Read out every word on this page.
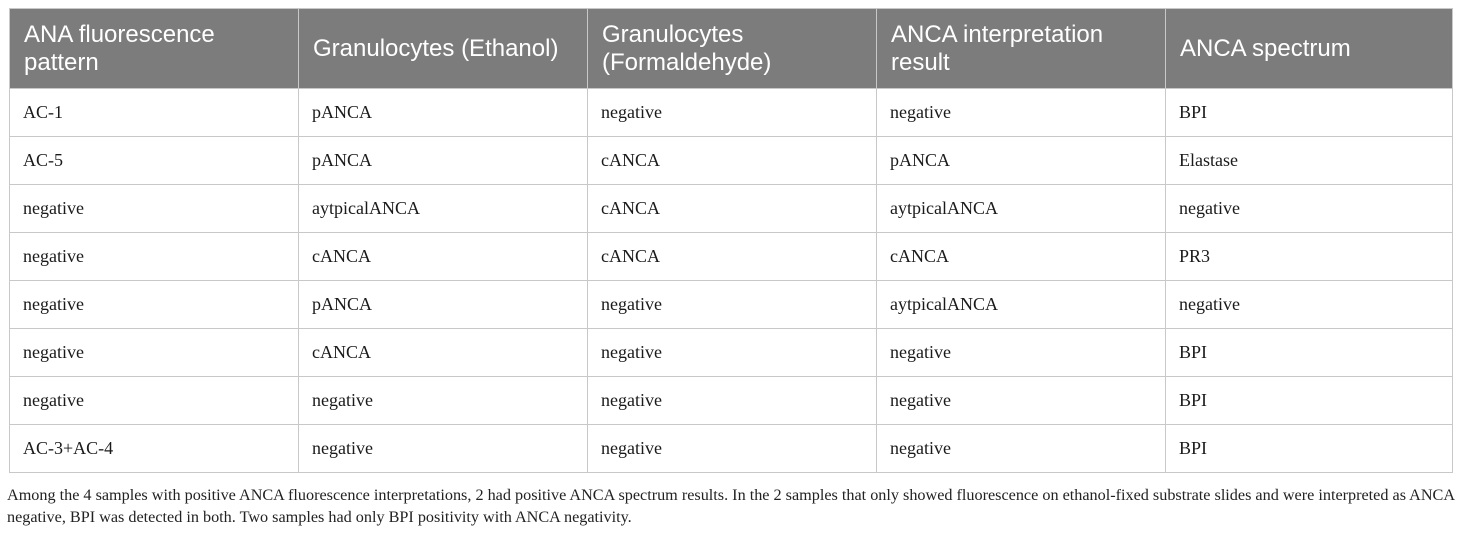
ANA fluorescence pattern	Granulocytes (Ethanol)	Granulocytes (Formaldehyde)	ANCA interpretation result	ANCA spectrum
AC-1	pANCA	negative	negative	BPI
AC-5	pANCA	cANCA	pANCA	Elastase
negative	aytpicalANCA	cANCA	aytpicalANCA	negative
negative	cANCA	cANCA	cANCA	PR3
negative	pANCA	negative	aytpicalANCA	negative
negative	cANCA	negative	negative	BPI
negative	negative	negative	negative	BPI
AC-3+AC-4	negative	negative	negative	BPI
Among the 4 samples with positive ANCA fluorescence interpretations, 2 had positive ANCA spectrum results. In the 2 samples that only showed fluorescence on ethanol-fixed substrate slides and were interpreted as ANCA negative, BPI was detected in both. Two samples had only BPI positivity with ANCA negativity.
